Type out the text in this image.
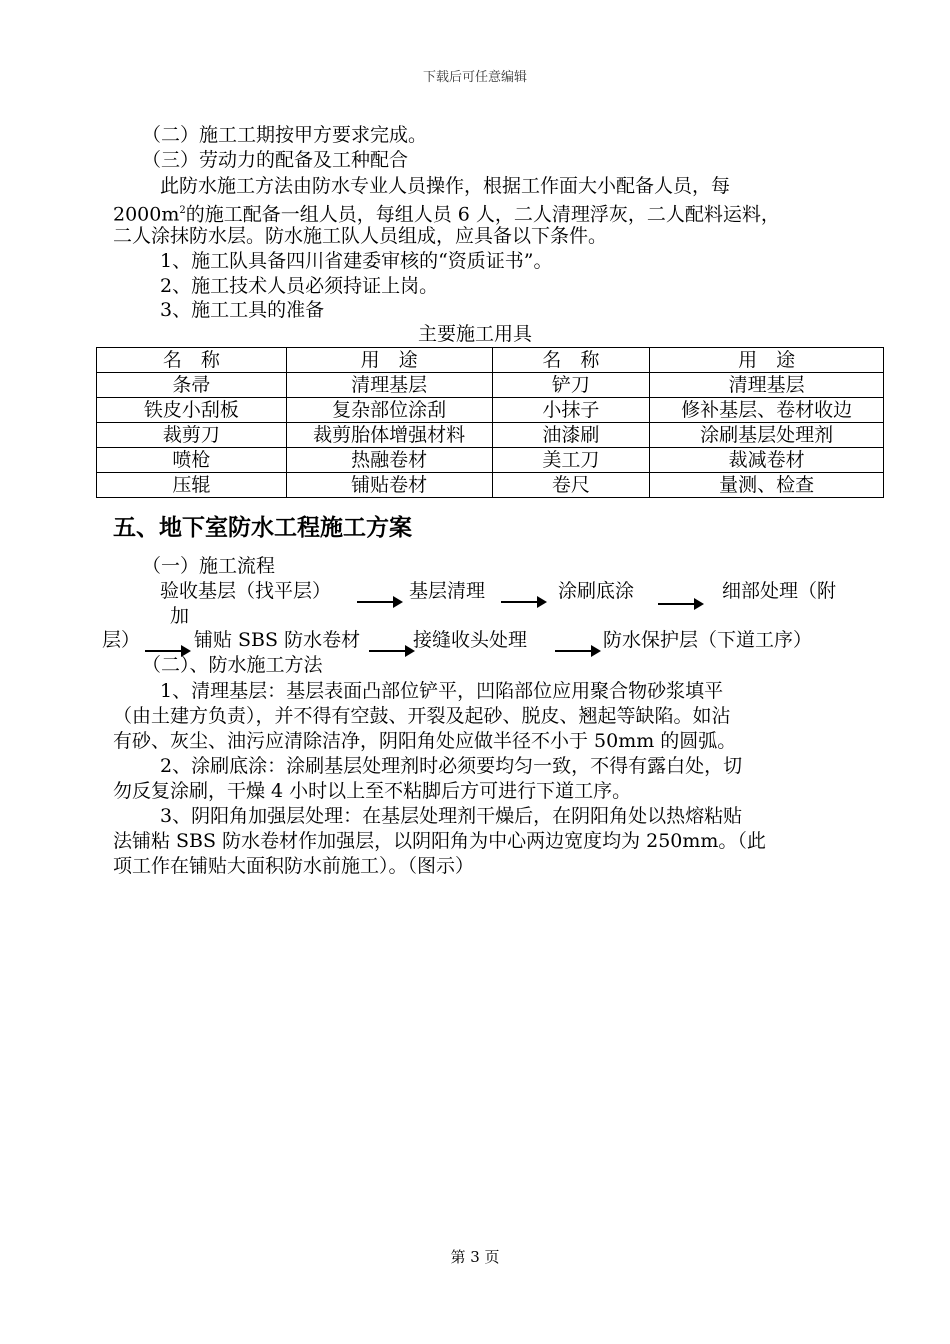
下载后可任意编辑
（二）施工工期按甲方要求完成。
（三）劳动力的配备及工种配合
此防水施工方法由防水专业人员操作，根据工作面大小配备人员，每
$2000m^2$的施工配备一组人员，每组人员 6 人，二人清理浮灰，二人配料运料，
二人涂抹防水层。防水施工队人员组成，应具备以下条件。
1、施工队具备四川省建委审核的“资质证书”。
2、施工技术人员必须持证上岗。
3、施工工具的准备
主要施工用具
名　称	用　途	名　称	用　途
条帚	清理基层	铲刀	清理基层
铁皮小刮板	复杂部位涂刮	小抹子	修补基层、卷材收边
裁剪刀	裁剪胎体增强材料	油漆刷	涂刷基层处理剂
喷枪	热融卷材	美工刀	裁减卷材
压辊	铺贴卷材	卷尺	量测、检查
五、地下室防水工程施工方案
（一）施工流程
验收基层（找平层）	基层清理	涂刷底涂	细部处理（附
加
层）	铺贴 SBS 防水卷材	接缝收头处理	防水保护层（下道工序）
（二）、防水施工方法
1、清理基层：基层表面凸部位铲平，凹陷部位应用聚合物砂浆填平
（由土建方负责），并不得有空鼓、开裂及起砂、脱皮、翘起等缺陷。如沾
有砂、灰尘、油污应清除洁净，阴阳角处应做半径不小于 50mm 的圆弧。
2、涂刷底涂：涂刷基层处理剂时必须要均匀一致，不得有露白处，切
勿反复涂刷，干燥 4 小时以上至不粘脚后方可进行下道工序。
3、阴阳角加强层处理：在基层处理剂干燥后，在阴阳角处以热熔粘贴
法铺粘 SBS 防水卷材作加强层，以阴阳角为中心两边宽度均为 250mm。（此
项工作在铺贴大面积防水前施工）。（图示）
第 3 页
